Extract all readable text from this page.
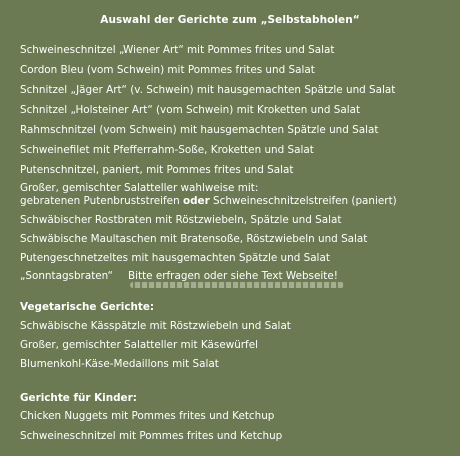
Auswahl der Gerichte zum „Selbstabholen“
Schweineschnitzel „Wiener Art“ mit Pommes frites und Salat
Cordon Bleu (vom Schwein) mit Pommes frites und Salat
Schnitzel „Jäger Art“ (v. Schwein) mit hausgemachten Spätzle und Salat
Schnitzel „Holsteiner Art“ (vom Schwein) mit Kroketten und Salat
Rahmschnitzel (vom Schwein) mit hausgemachten Spätzle und Salat
Schweinefilet mit Pfefferrahm-Soße, Kroketten und Salat
Putenschnitzel, paniert, mit Pommes frites und Salat
Großer, gemischter Salatteller wahlweise mit:
gebratenen Putenbruststreifen oder Schweineschnitzelstreifen (paniert)
Schwäbischer Rostbraten mit Röstzwiebeln, Spätzle und Salat
Schwäbische Maultaschen mit Bratensoße, Röstzwiebeln und Salat
Putengeschnetzeltes mit hausgemachten Spätzle und Salat
„Sonntagsbraten“ Bitte erfragen oder siehe Text Webseite!
Vegetarische Gerichte:
Schwäbische Kässpätzle mit Röstzwiebeln und Salat
Großer, gemischter Salatteller mit Käsewürfel
Blumenkohl-Käse-Medaillons mit Salat
Gerichte für Kinder:
Chicken Nuggets mit Pommes frites und Ketchup
Schweineschnitzel mit Pommes frites und Ketchup
